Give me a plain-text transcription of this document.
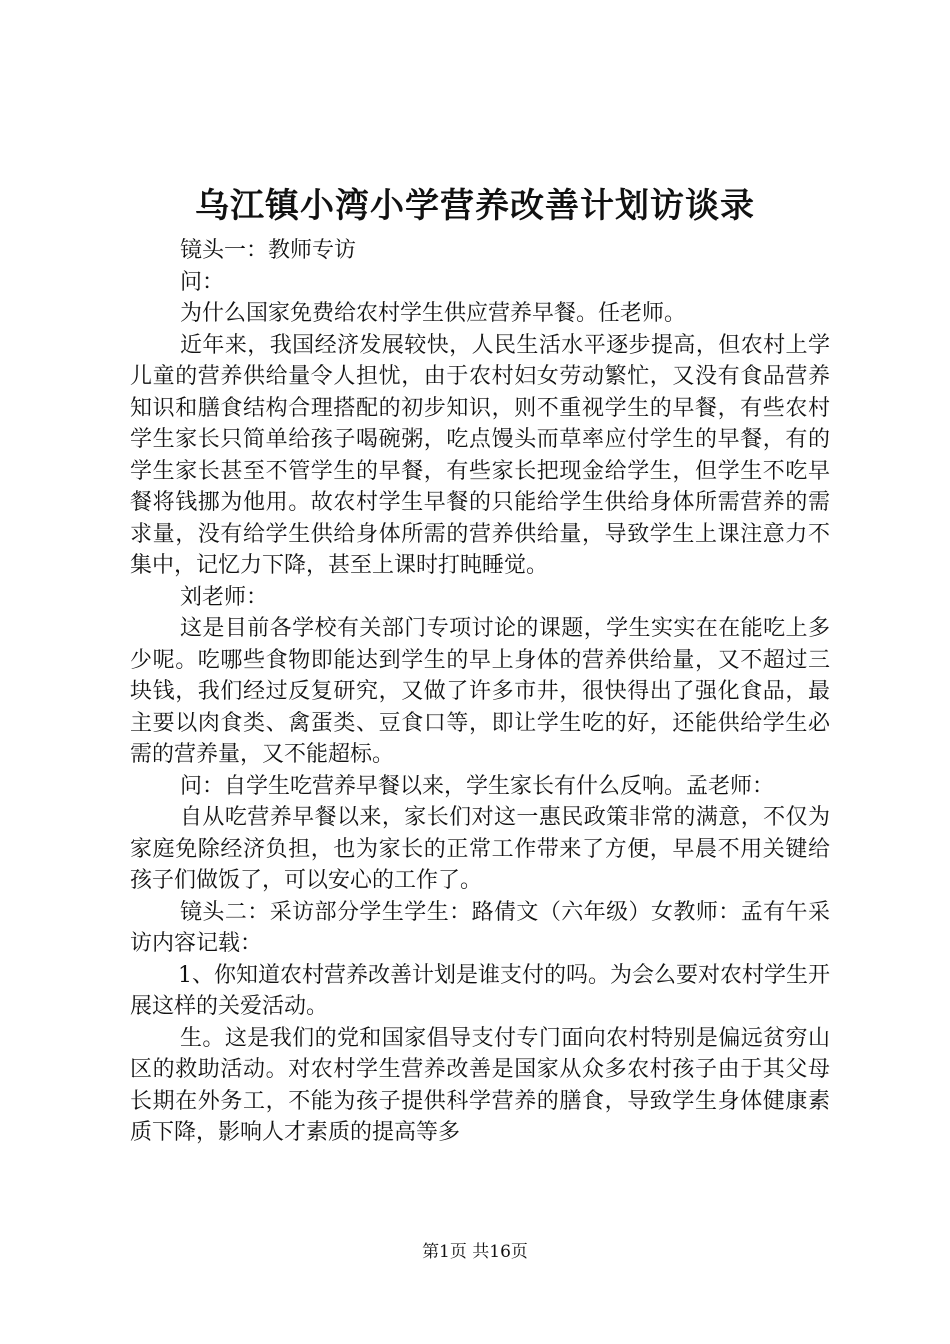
乌江镇小湾小学营养改善计划访谈录

镜头一：教师专访

问：

为什么国家免费给农村学生供应营养早餐。任老师。

近年来，我国经济发展较快，人民生活水平逐步提高，但农村上学儿童的营养供给量令人担忧，由于农村妇女劳动繁忙，又没有食品营养知识和膳食结构合理搭配的初步知识，则不重视学生的早餐，有些农村学生家长只简单给孩子喝碗粥，吃点馒头而草率应付学生的早餐，有的学生家长甚至不管学生的早餐，有些家长把现金给学生，但学生不吃早餐将钱挪为他用。故农村学生早餐的只能给学生供给身体所需营养的需求量，没有给学生供给身体所需的营养供给量，导致学生上课注意力不集中，记忆力下降，甚至上课时打盹睡觉。

刘老师：

这是目前各学校有关部门专项讨论的课题，学生实实在在能吃上多少呢。吃哪些食物即能达到学生的早上身体的营养供给量，又不超过三块钱，我们经过反复研究，又做了许多市井，很快得出了强化食品，最主要以肉食类、禽蛋类、豆食口等，即让学生吃的好，还能供给学生必需的营养量，又不能超标。

问：自学生吃营养早餐以来，学生家长有什么反响。孟老师：

自从吃营养早餐以来，家长们对这一惠民政策非常的满意，不仅为家庭免除经济负担，也为家长的正常工作带来了方便，早晨不用关键给孩子们做饭了，可以安心的工作了。

镜头二：采访部分学生学生：路倩文（六年级）女教师：孟有午采访内容记载：

1、你知道农村营养改善计划是谁支付的吗。为会么要对农村学生开展这样的关爱活动。

生。这是我们的党和国家倡导支付专门面向农村特别是偏远贫穷山区的救助活动。对农村学生营养改善是国家从众多农村孩子由于其父母长期在外务工，不能为孩子提供科学营养的膳食，导致学生身体健康素质下降，影响人才素质的提高等多

第1页 共16页
